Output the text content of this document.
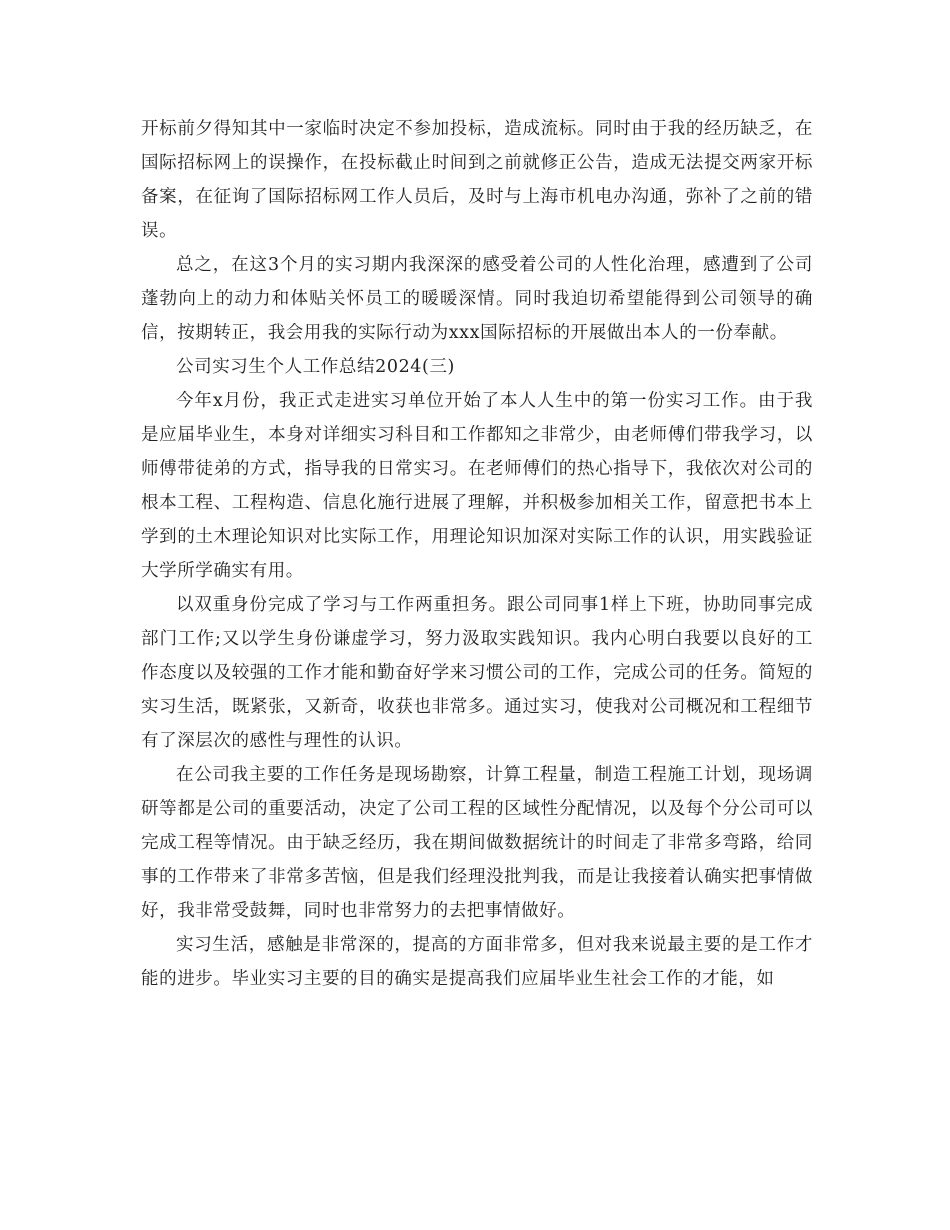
开标前夕得知其中一家临时决定不参加投标，造成流标。同时由于我的经历缺乏，在国际招标网上的误操作，在投标截止时间到之前就修正公告，造成无法提交两家开标备案，在征询了国际招标网工作人员后，及时与上海市机电办沟通，弥补了之前的错误。

总之，在这3个月的实习期内我深深的感受着公司的人性化治理，感遭到了公司蓬勃向上的动力和体贴关怀员工的暖暖深情。同时我迫切希望能得到公司领导的确信，按期转正，我会用我的实际行动为xxx国际招标的开展做出本人的一份奉献。

公司实习生个人工作总结2024(三)

今年x月份，我正式走进实习单位开始了本人人生中的第一份实习工作。由于我是应届毕业生，本身对详细实习科目和工作都知之非常少，由老师傅们带我学习，以师傅带徒弟的方式，指导我的日常实习。在老师傅们的热心指导下，我依次对公司的根本工程、工程构造、信息化施行进展了理解，并积极参加相关工作，留意把书本上学到的土木理论知识对比实际工作，用理论知识加深对实际工作的认识，用实践验证大学所学确实有用。

以双重身份完成了学习与工作两重担务。跟公司同事1样上下班，协助同事完成部门工作;又以学生身份谦虚学习，努力汲取实践知识。我内心明白我要以良好的工作态度以及较强的工作才能和勤奋好学来习惯公司的工作，完成公司的任务。简短的实习生活，既紧张，又新奇，收获也非常多。通过实习，使我对公司概况和工程细节有了深层次的感性与理性的认识。

在公司我主要的工作任务是现场勘察，计算工程量，制造工程施工计划，现场调研等都是公司的重要活动，决定了公司工程的区域性分配情况，以及每个分公司可以完成工程等情况。由于缺乏经历，我在期间做数据统计的时间走了非常多弯路，给同事的工作带来了非常多苦恼，但是我们经理没批判我，而是让我接着认确实把事情做好，我非常受鼓舞，同时也非常努力的去把事情做好。

实习生活，感触是非常深的，提高的方面非常多，但对我来说最主要的是工作才能的进步。毕业实习主要的目的确实是提高我们应届毕业生社会工作的才能，如
